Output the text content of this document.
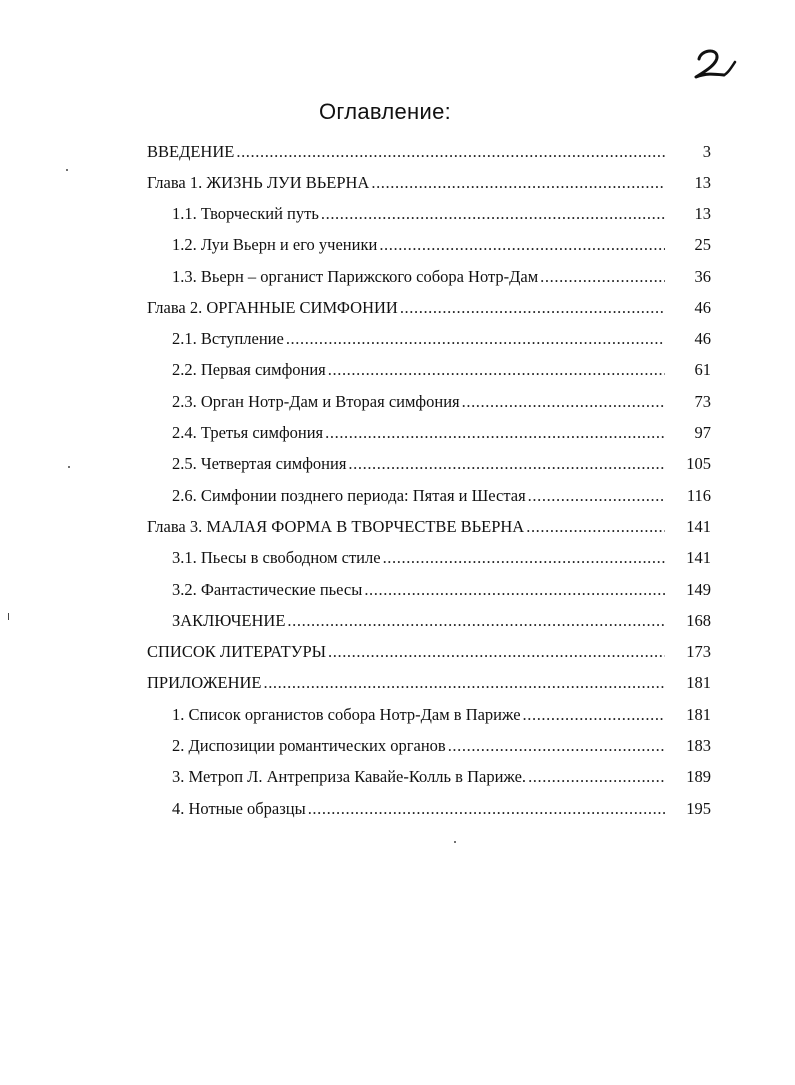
Оглавление:
ВВЕДЕНИЕ .....	3
Глава 1. ЖИЗНЬ ЛУИ ВЬЕРНА .....	13
1.1. Творческий путь .....	13
1.2. Луи Вьерн и его ученики .....	25
1.3. Вьерн – органист Парижского собора Нотр-Дам .....	36
Глава 2. ОРГАННЫЕ СИМФОНИИ .....	46
2.1. Вступление .....	46
2.2. Первая симфония .....	61
2.3. Орган Нотр-Дам и Вторая симфония .....	73
2.4. Третья симфония .....	97
2.5. Четвертая симфония .....	105
2.6. Симфонии позднего периода: Пятая и Шестая .....	116
Глава 3. МАЛАЯ ФОРМА В ТВОРЧЕСТВЕ ВЬЕРНА .....	141
3.1. Пьесы в свободном стиле .....	141
3.2. Фантастические пьесы .....	149
ЗАКЛЮЧЕНИЕ .....	168
СПИСОК ЛИТЕРАТУРЫ .....	173
ПРИЛОЖЕНИЕ .....	181
1. Список органистов собора Нотр-Дам в Париже .....	181
2. Диспозиции романтических органов .....	183
3. Метроп Л. Антреприза Кавайе-Колль в Париже. .....	189
4. Нотные образцы .....	195
